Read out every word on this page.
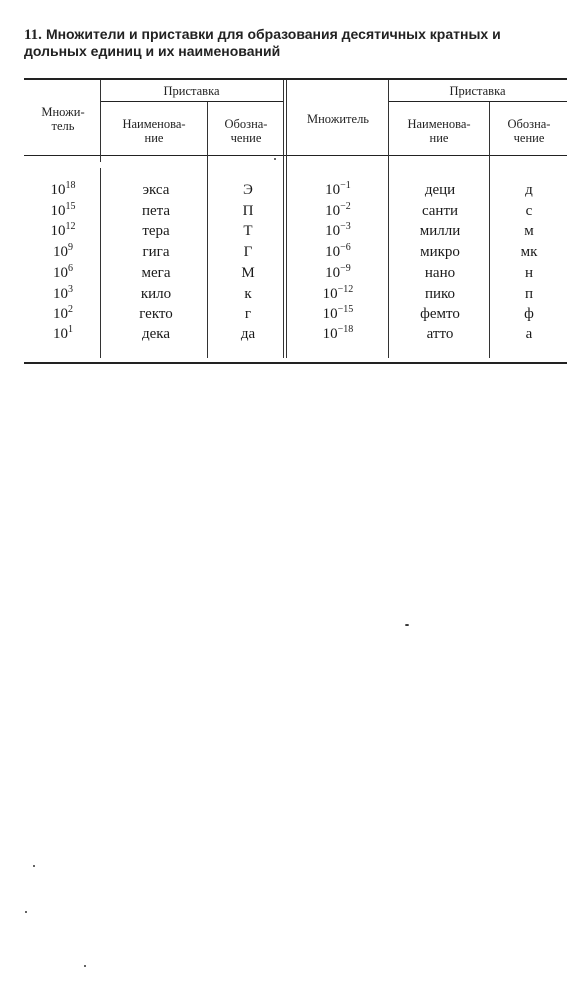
11. Множители и приставки для образования десятичных кратных и дольных единиц и их наименований
Множи-
тель
Приставка
Наименова-
ние
Обозна-
чение
Множитель
Приставка
Наименова-
ние
Обозна-
чение
$10^{18}$	экса	Э	$10^{-1}$	деци	д
$10^{15}$	пета	П	$10^{-2}$	санти	с
$10^{12}$	тера	Т	$10^{-3}$	милли	м
$10^9$	гига	Г	$10^{-6}$	микро	мк
$10^6$	мега	М	$10^{-9}$	нано	н
$10^3$	кило	к	$10^{-12}$	пико	п
$10^2$	гекто	г	$10^{-15}$	фемто	ф
$10^1$	дека	да	$10^{-18}$	атто	а
